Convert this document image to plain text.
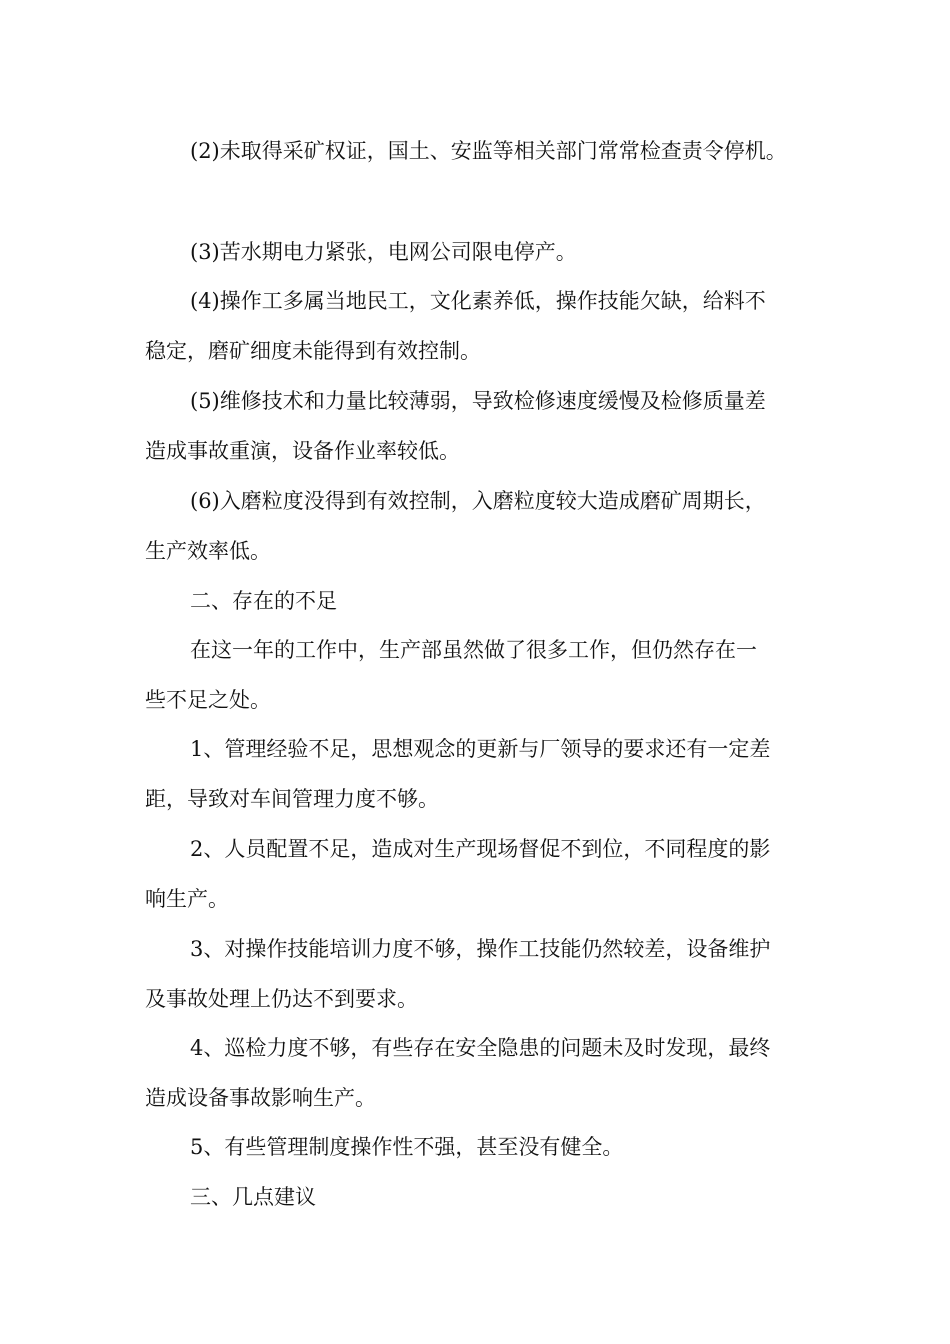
(2)未取得采矿权证，国土、安监等相关部门常常检查责令停机。
(3)苦水期电力紧张，电网公司限电停产。
(4)操作工多属当地民工，文化素养低，操作技能欠缺，给料不
稳定，磨矿细度未能得到有效控制。
(5)维修技术和力量比较薄弱，导致检修速度缓慢及检修质量差
造成事故重演，设备作业率较低。
(6)入磨粒度没得到有效控制，入磨粒度较大造成磨矿周期长，
生产效率低。
二、存在的不足
在这一年的工作中，生产部虽然做了很多工作，但仍然存在一
些不足之处。
1、管理经验不足，思想观念的更新与厂领导的要求还有一定差
距，导致对车间管理力度不够。
2、人员配置不足，造成对生产现场督促不到位，不同程度的影
响生产。
3、对操作技能培训力度不够，操作工技能仍然较差，设备维护
及事故处理上仍达不到要求。
4、巡检力度不够，有些存在安全隐患的问题未及时发现，最终
造成设备事故影响生产。
5、有些管理制度操作性不强，甚至没有健全。
三、几点建议
